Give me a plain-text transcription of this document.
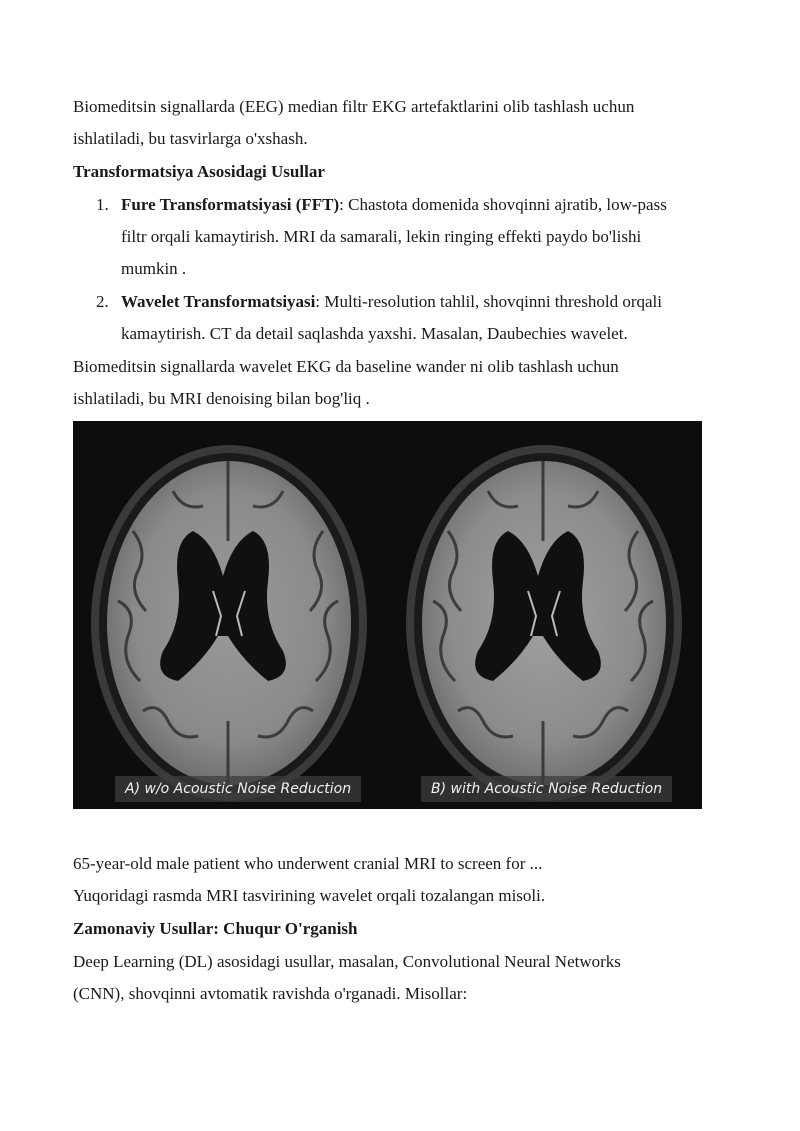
Biomeditsin signallarda (EEG) median filtr EKG artefaktlarini olib tashlash uchun

ishlatiladi, bu tasvirlarga o'xshash.

Transformatsiya Asosidagi Usullar

1. Fure Transformatsiyasi (FFT): Chastota domenida shovqinni ajratib, low-pass

filtr orqali kamaytirish. MRI da samarali, lekin ringing effekti paydo bo'lishi

mumkin .

2. Wavelet Transformatsiyasi: Multi-resolution tahlil, shovqinni threshold orqali

kamaytirish. CT da detail saqlashda yaxshi. Masalan, Daubechies wavelet.

Biomeditsin signallarda wavelet EKG da baseline wander ni olib tashlash uchun

ishlatiladi, bu MRI denoising bilan bog'liq .

A) w/o Acoustic Noise Reduction	B) with Acoustic Noise Reduction

65-year-old male patient who underwent cranial MRI to screen for ...

Yuqoridagi rasmda MRI tasvirining wavelet orqali tozalangan misoli.

Zamonaviy Usullar: Chuqur O'rganish

Deep Learning (DL) asosidagi usullar, masalan, Convolutional Neural Networks

(CNN), shovqinni avtomatik ravishda o'rganadi. Misollar:
